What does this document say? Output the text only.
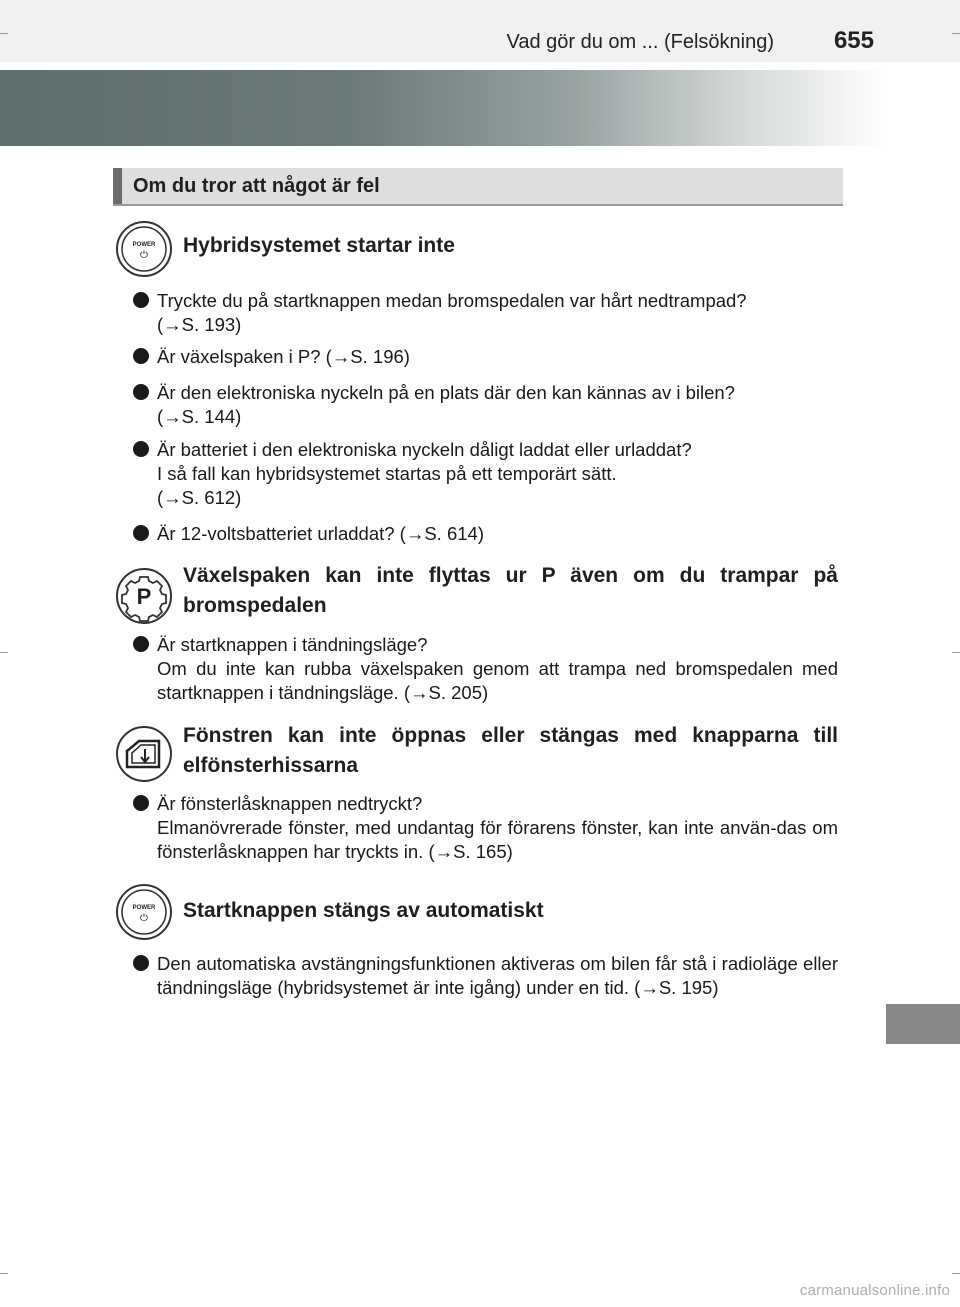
Vad gör du om ... (Felsökning) 655
Om du tror att något är fel
POWER
⏻ Hybridsystemet startar inte
Tryckte du på startknappen medan bromspedalen var hårt nedtrampad?
(→S. 193)
Är växelspaken i P? (→S. 196)
Är den elektroniska nyckeln på en plats där den kan kännas av i bilen?
(→S. 144)
Är batteriet i den elektroniska nyckeln dåligt laddat eller urladdat?
I så fall kan hybridsystemet startas på ett temporärt sätt.
(→S. 612)
Är 12-voltsbatteriet urladdat? (→S. 614)
P
Växelspaken kan inte flyttas ur P även om du trampar på bromspedalen
Är startknappen i tändningsläge?
Om du inte kan rubba växelspaken genom att trampa ned bromspedalen med startknappen i tändningsläge. (→S. 205)
Fönstren kan inte öppnas eller stängas med knapparna till elfönsterhissarna
Är fönsterlåsknappen nedtryckt?
Elmanövrerade fönster, med undantag för förarens fönster, kan inte använ-das om fönsterlåsknappen har tryckts in. (→S. 165)
POWER
⏻ Startknappen stängs av automatiskt
Den automatiska avstängningsfunktionen aktiveras om bilen får stå i radioläge eller tändningsläge (hybridsystemet är inte igång) under en tid. (→S. 195)
carmanualsonline.info
